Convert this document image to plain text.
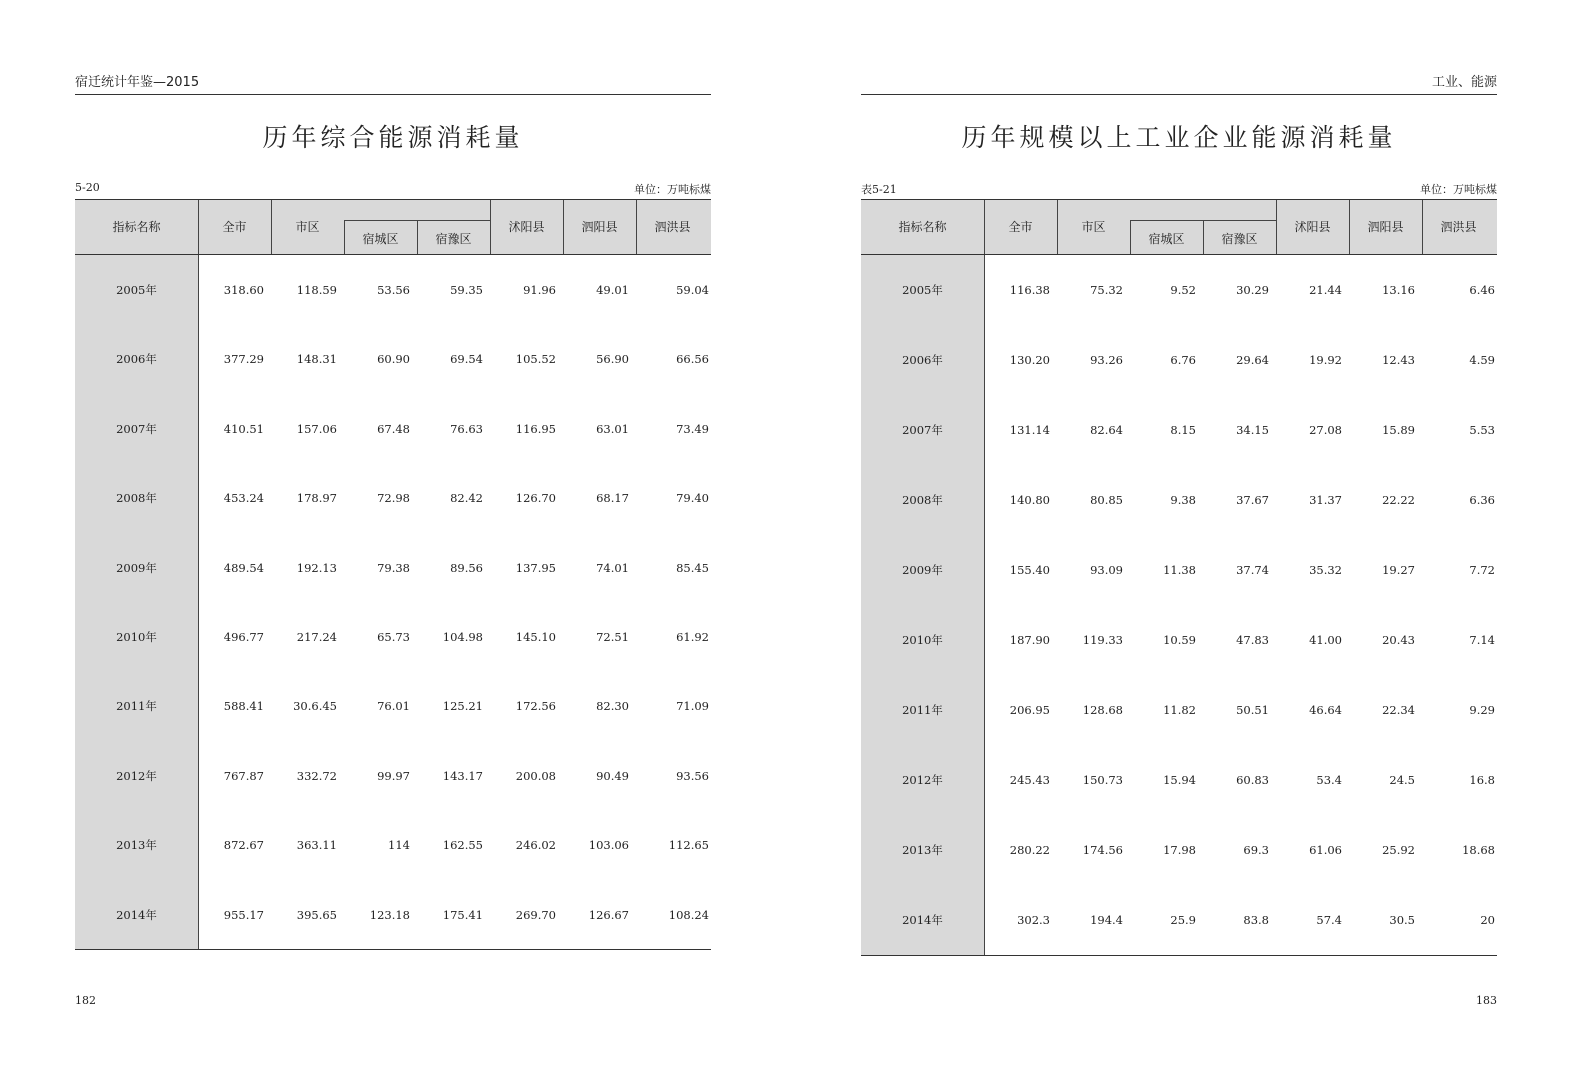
宿迁统计年鉴—2015
历年综合能源消耗量
5-20	单位：万吨标煤
指标名称	全市	市区
宿城区	宿豫区
沭阳县	泗阳县	泗洪县
2005年	318.60	118.59	53.56	59.35	91.96	49.01	59.04
2006年	377.29	148.31	60.90	69.54	105.52	56.90	66.56
2007年	410.51	157.06	67.48	76.63	116.95	63.01	73.49
2008年	453.24	178.97	72.98	82.42	126.70	68.17	79.40
2009年	489.54	192.13	79.38	89.56	137.95	74.01	85.45
2010年	496.77	217.24	65.73	104.98	145.10	72.51	61.92
2011年	588.41	30.6.45	76.01	125.21	172.56	82.30	71.09
2012年	767.87	332.72	99.97	143.17	200.08	90.49	93.56
2013年	872.67	363.11	114	162.55	246.02	103.06	112.65
2014年	955.17	395.65	123.18	175.41	269.70	126.67	108.24
182
工业、能源
历年规模以上工业企业能源消耗量
表5-21	单位：万吨标煤
指标名称	全市	市区
宿城区	宿豫区
沭阳县	泗阳县	泗洪县
2005年	116.38	75.32	9.52	30.29	21.44	13.16	6.46
2006年	130.20	93.26	6.76	29.64	19.92	12.43	4.59
2007年	131.14	82.64	8.15	34.15	27.08	15.89	5.53
2008年	140.80	80.85	9.38	37.67	31.37	22.22	6.36
2009年	155.40	93.09	11.38	37.74	35.32	19.27	7.72
2010年	187.90	119.33	10.59	47.83	41.00	20.43	7.14
2011年	206.95	128.68	11.82	50.51	46.64	22.34	9.29
2012年	245.43	150.73	15.94	60.83	53.4	24.5	16.8
2013年	280.22	174.56	17.98	69.3	61.06	25.92	18.68
2014年	302.3	194.4	25.9	83.8	57.4	30.5	20
183
